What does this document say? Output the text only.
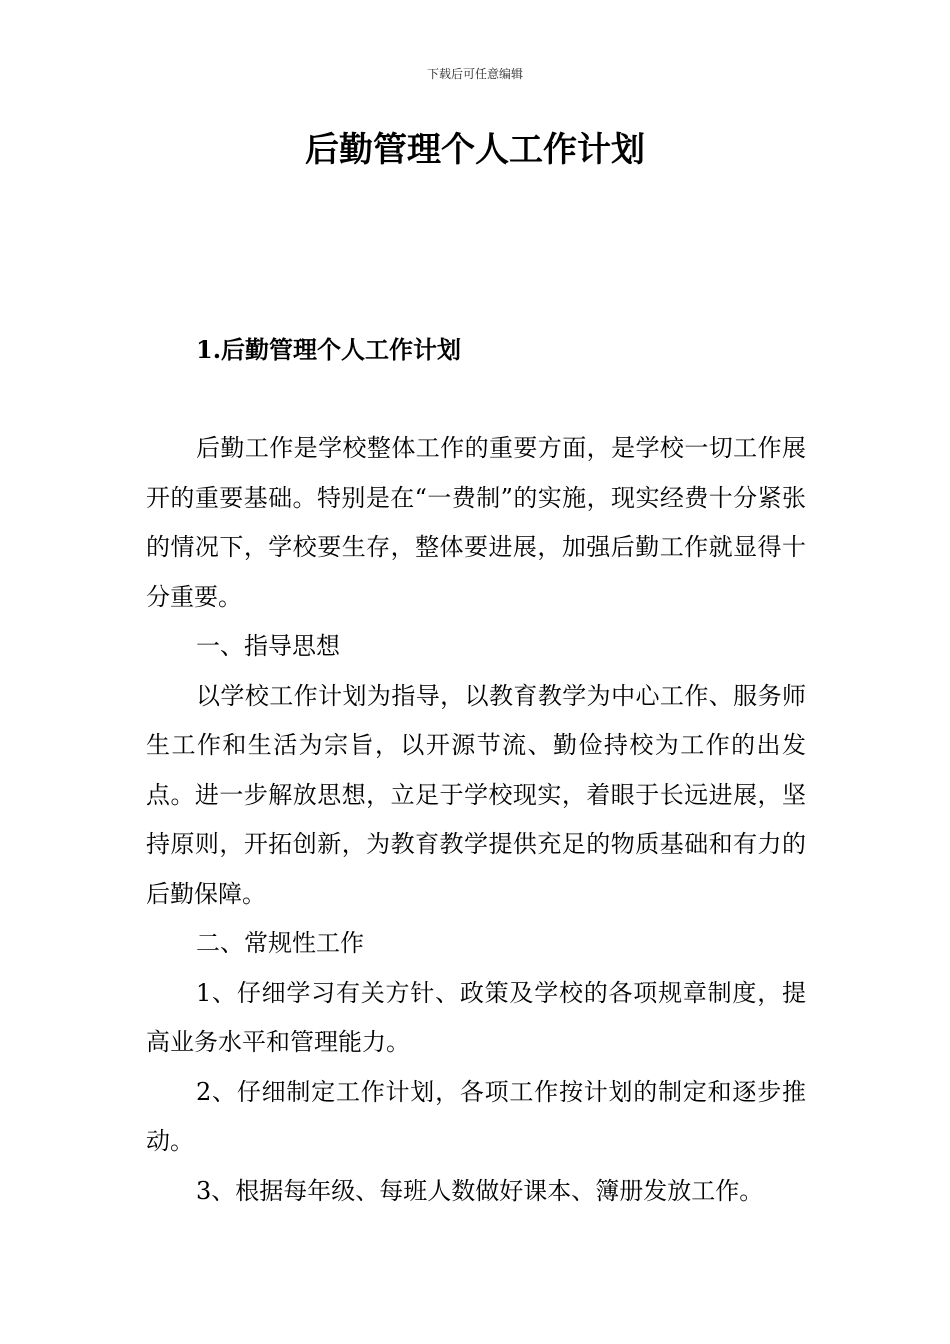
下载后可任意编辑
后勤管理个人工作计划
1.后勤管理个人工作计划

后勤工作是学校整体工作的重要方面，是学校一切工作展开的重要基础。特别是在“一费制”的实施，现实经费十分紧张的情况下，学校要生存，整体要进展，加强后勤工作就显得十分重要。

一、指导思想

以学校工作计划为指导，以教育教学为中心工作、服务师生工作和生活为宗旨，以开源节流、勤俭持校为工作的出发点。进一步解放思想，立足于学校现实，着眼于长远进展，坚持原则，开拓创新，为教育教学提供充足的物质基础和有力的后勤保障。

二、常规性工作

1、仔细学习有关方针、政策及学校的各项规章制度，提高业务水平和管理能力。

2、仔细制定工作计划，各项工作按计划的制定和逐步推动。

3、根据每年级、每班人数做好课本、簿册发放工作。
